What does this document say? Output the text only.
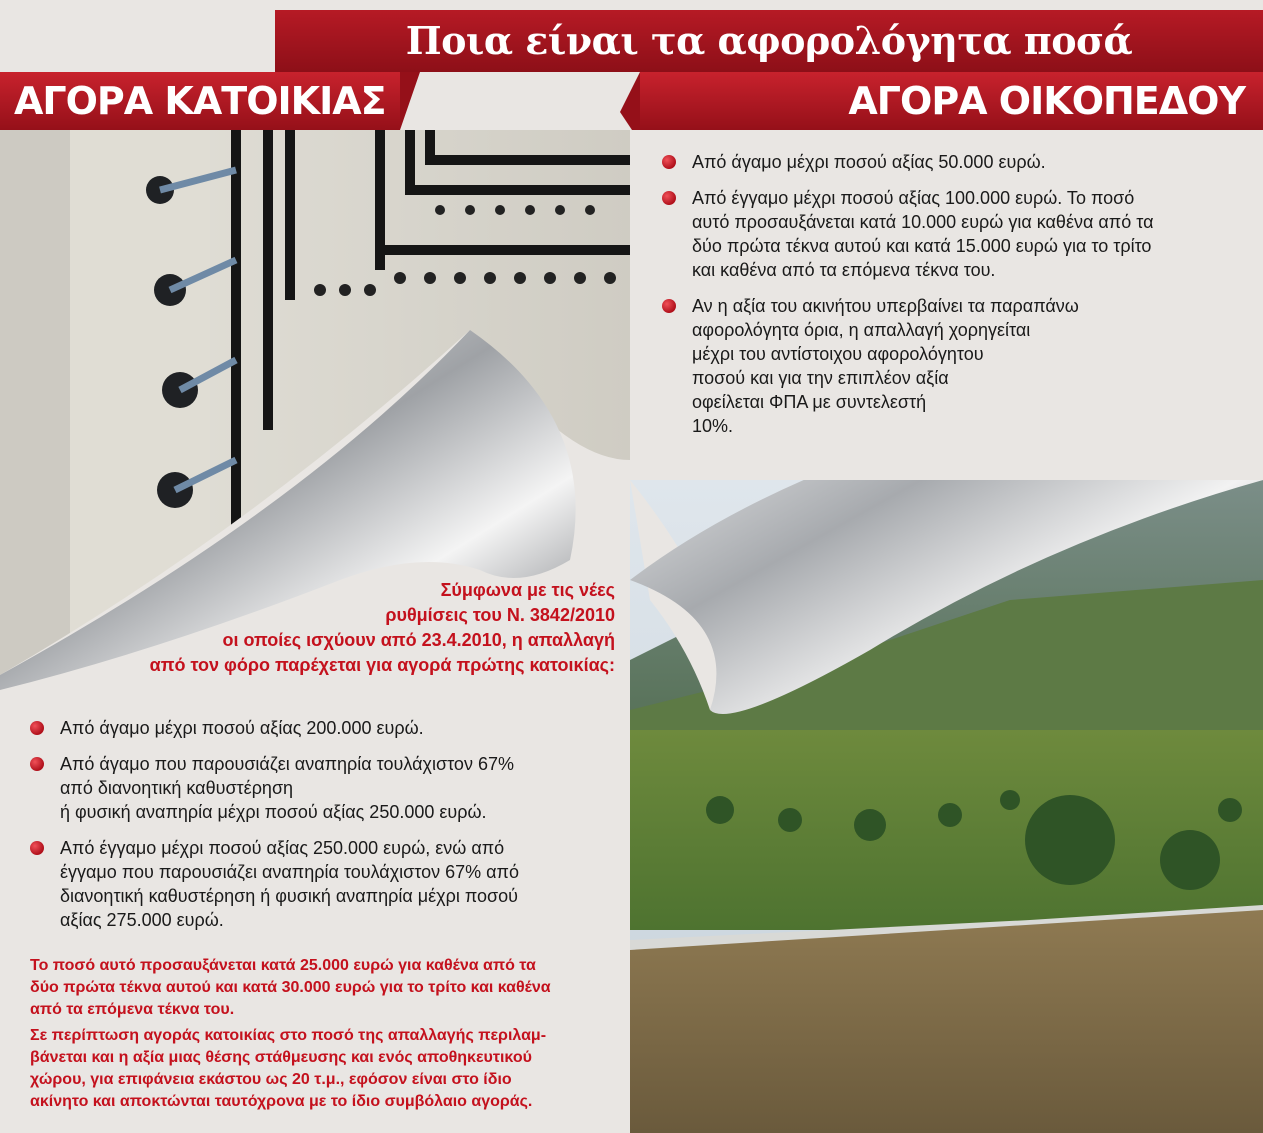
Ποια είναι τα αφορολόγητα ποσά
ΑΓΟΡΑ ΚΑΤΟΙΚΙΑΣ	ΑΓΟΡΑ ΟΙΚΟΠΕΔΟΥ
Από άγαμο μέχρι ποσού αξίας 50.000 ευρώ.
Από έγγαμο μέχρι ποσού αξίας 100.000 ευρώ. Το ποσό
αυτό προσαυξάνεται κατά 10.000 ευρώ για καθένα από τα
δύο πρώτα τέκνα αυτού και κατά 15.000 ευρώ για το τρίτο
και καθένα από τα επόμενα τέκνα του.
Αν η αξία του ακινήτου υπερβαίνει τα παραπάνω
αφορολόγητα όρια, η απαλλαγή χορηγείται
μέχρι του αντίστοιχου αφορολόγητου
ποσού και για την επιπλέον αξία
οφείλεται ΦΠΑ με συντελεστή
10%.
Σύμφωνα με τις νέες
ρυθμίσεις του Ν. 3842/2010
οι οποίες ισχύουν από 23.4.2010, η απαλλαγή
από τον φόρο παρέχεται για αγορά πρώτης κατοικίας:
Από άγαμο μέχρι ποσού αξίας 200.000 ευρώ.
Από άγαμο που παρουσιάζει αναπηρία τουλάχιστον 67%
από διανοητική καθυστέρηση
ή φυσική αναπηρία μέχρι ποσού αξίας 250.000 ευρώ.
Από έγγαμο μέχρι ποσού αξίας 250.000 ευρώ, ενώ από
έγγαμο που παρουσιάζει αναπηρία τουλάχιστον 67% από
διανοητική καθυστέρηση ή φυσική αναπηρία μέχρι ποσού
αξίας 275.000 ευρώ.

Το ποσό αυτό προσαυξάνεται κατά 25.000 ευρώ για καθένα από τα
δύο πρώτα τέκνα αυτού και κατά 30.000 ευρώ για το τρίτο και καθένα
από τα επόμενα τέκνα του.

Σε περίπτωση αγοράς κατοικίας στο ποσό της απαλλαγής περιλαμ-
βάνεται και η αξία μιας θέσης στάθμευσης και ενός αποθηκευτικού
χώρου, για επιφάνεια εκάστου ως 20 τ.μ., εφόσον είναι στο ίδιο
ακίνητο και αποκτώνται ταυτόχρονα με το ίδιο συμβόλαιο αγοράς.
